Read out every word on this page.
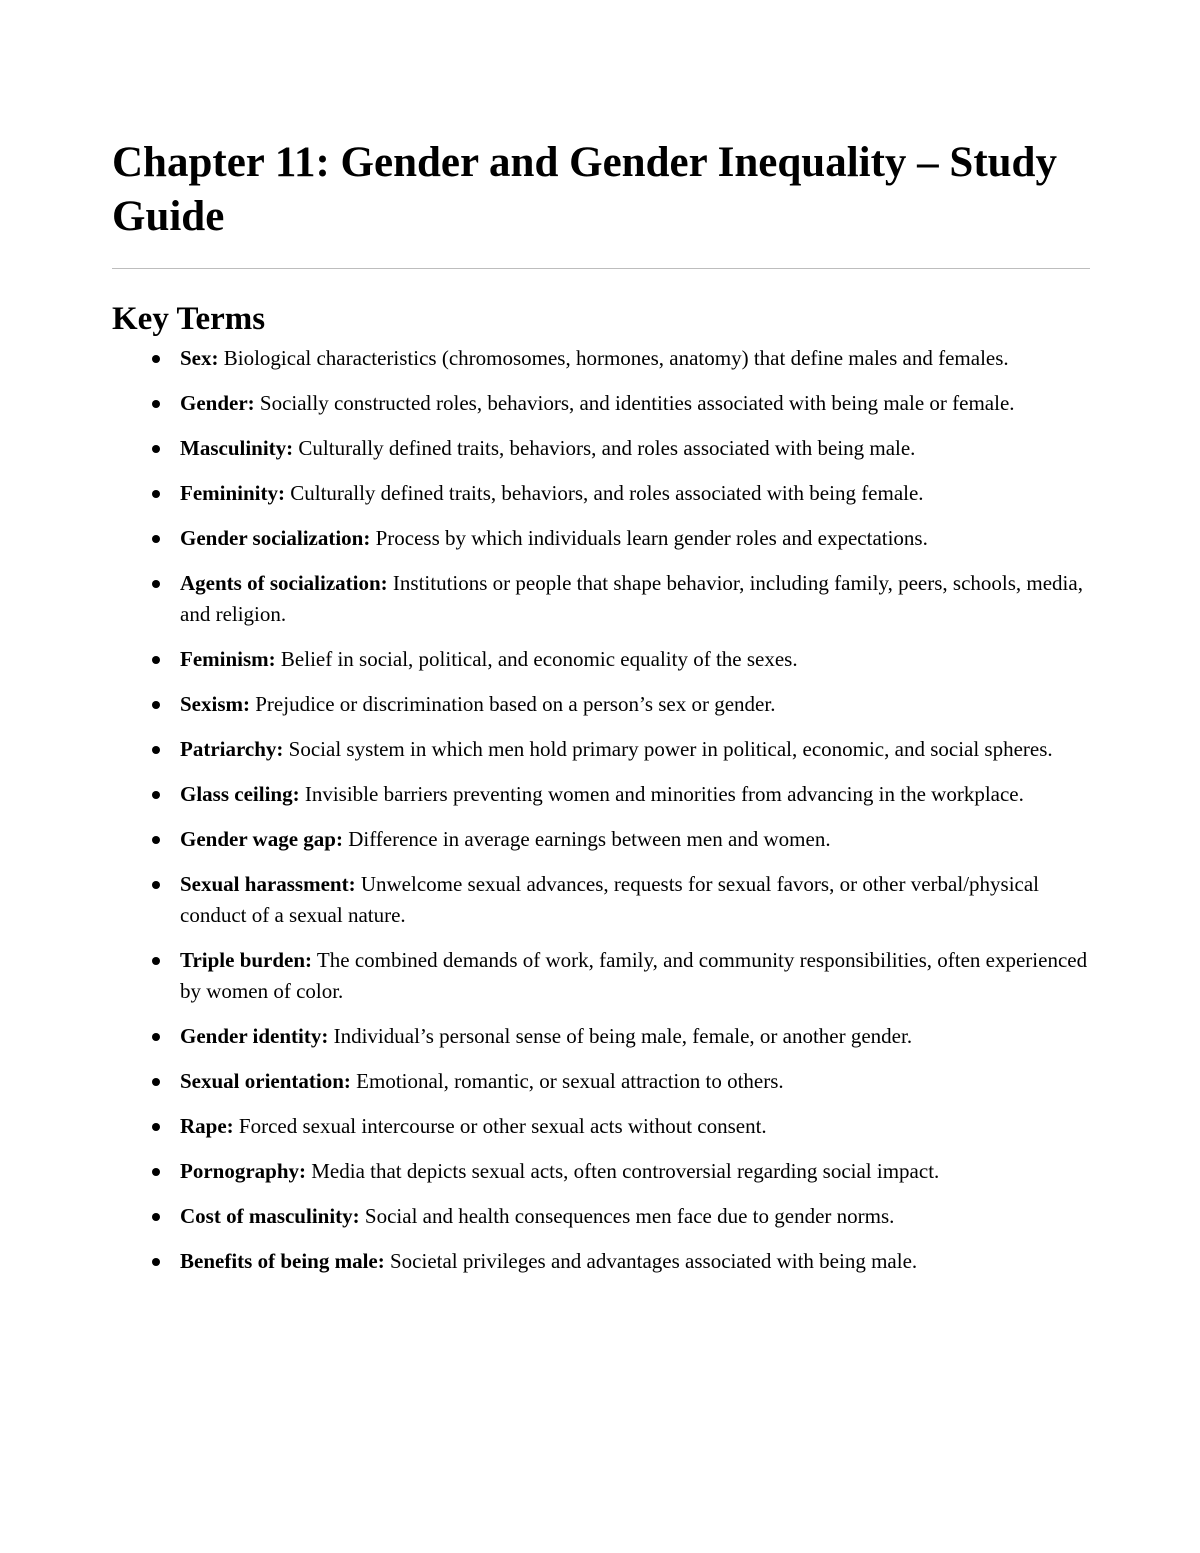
Chapter 11: Gender and Gender Inequality – Study Guide
Key Terms
Sex: Biological characteristics (chromosomes, hormones, anatomy) that define males and females.
Gender: Socially constructed roles, behaviors, and identities associated with being male or female.
Masculinity: Culturally defined traits, behaviors, and roles associated with being male.
Femininity: Culturally defined traits, behaviors, and roles associated with being female.
Gender socialization: Process by which individuals learn gender roles and expectations.
Agents of socialization: Institutions or people that shape behavior, including family, peers, schools, media, and religion.
Feminism: Belief in social, political, and economic equality of the sexes.
Sexism: Prejudice or discrimination based on a person’s sex or gender.
Patriarchy: Social system in which men hold primary power in political, economic, and social spheres.
Glass ceiling: Invisible barriers preventing women and minorities from advancing in the workplace.
Gender wage gap: Difference in average earnings between men and women.
Sexual harassment: Unwelcome sexual advances, requests for sexual favors, or other verbal/physical conduct of a sexual nature.
Triple burden: The combined demands of work, family, and community responsibilities, often experienced by women of color.
Gender identity: Individual’s personal sense of being male, female, or another gender.
Sexual orientation: Emotional, romantic, or sexual attraction to others.
Rape: Forced sexual intercourse or other sexual acts without consent.
Pornography: Media that depicts sexual acts, often controversial regarding social impact.
Cost of masculinity: Social and health consequences men face due to gender norms.
Benefits of being male: Societal privileges and advantages associated with being male.
